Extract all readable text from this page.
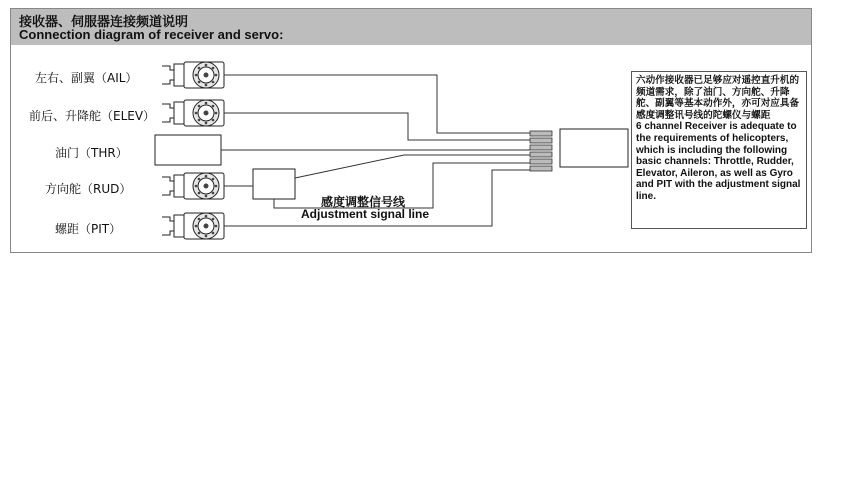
接收器、伺服器连接频道说明
Connection diagram of receiver and servo:
左右、副翼（AIL）
前后、升降舵（ELEV）
油门（THR）
方向舵（RUD）
螺距（PIT）
感度调整信号线
Adjustment signal line

六动作接收器已足够应对遥控直升机的频道需求，除了油门、方向舵、升降舵、副翼等基本动作外，亦可对应具备感度调整讯号线的陀螺仪与螺距

6 channel Receiver is adequate to the requirements of helicopters, which is including the following basic channels: Throttle, Rudder, Elevator, Aileron, as well as Gyro and PIT with the adjustment signal line.
